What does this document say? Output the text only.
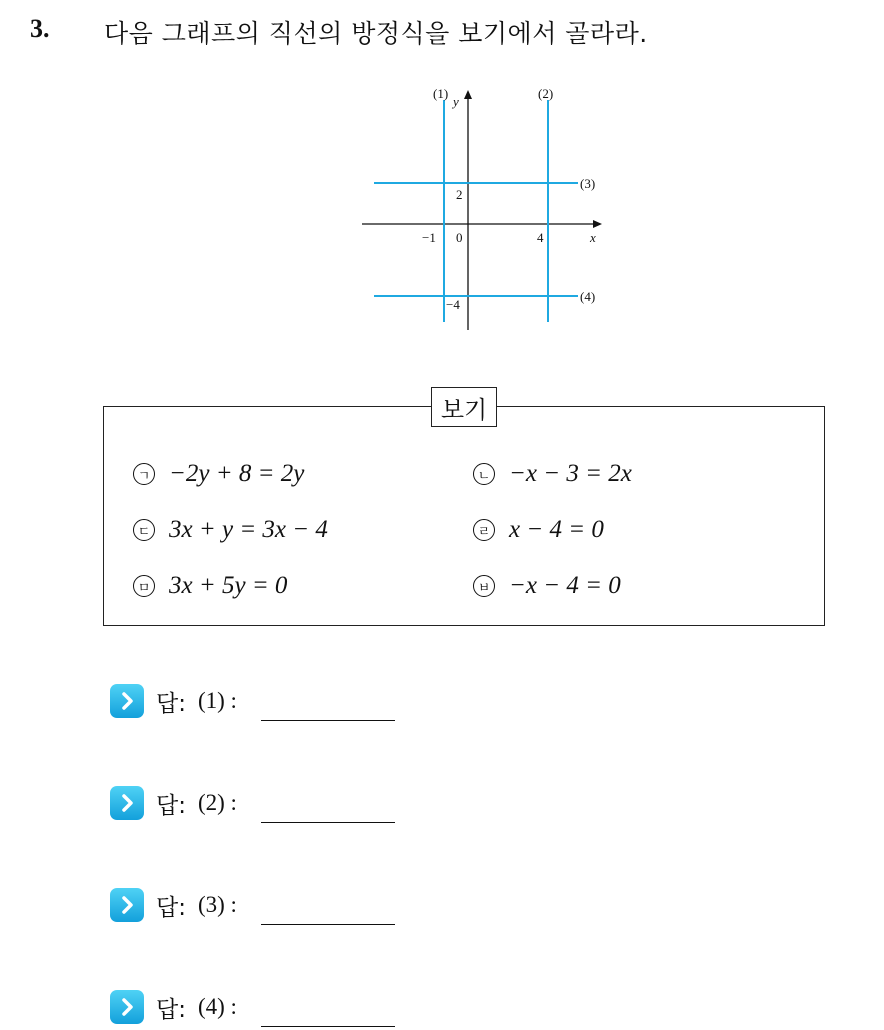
3. 다음 그래프의 직선의 방정식을 보기에서 골라라.
(1)
y
(2)
(3)
(4)
2
−1 0	4	x
−4
보기
ㄱ −2y + 8 = 2y	ㄴ −x − 3 = 2x
ㄷ 3x + y = 3x − 4	ㄹ x − 4 = 0
ㅁ 3x + 5y = 0	ㅂ −x − 4 = 0
답: (1) :
답: (2) :
답: (3) :
답: (4) :
